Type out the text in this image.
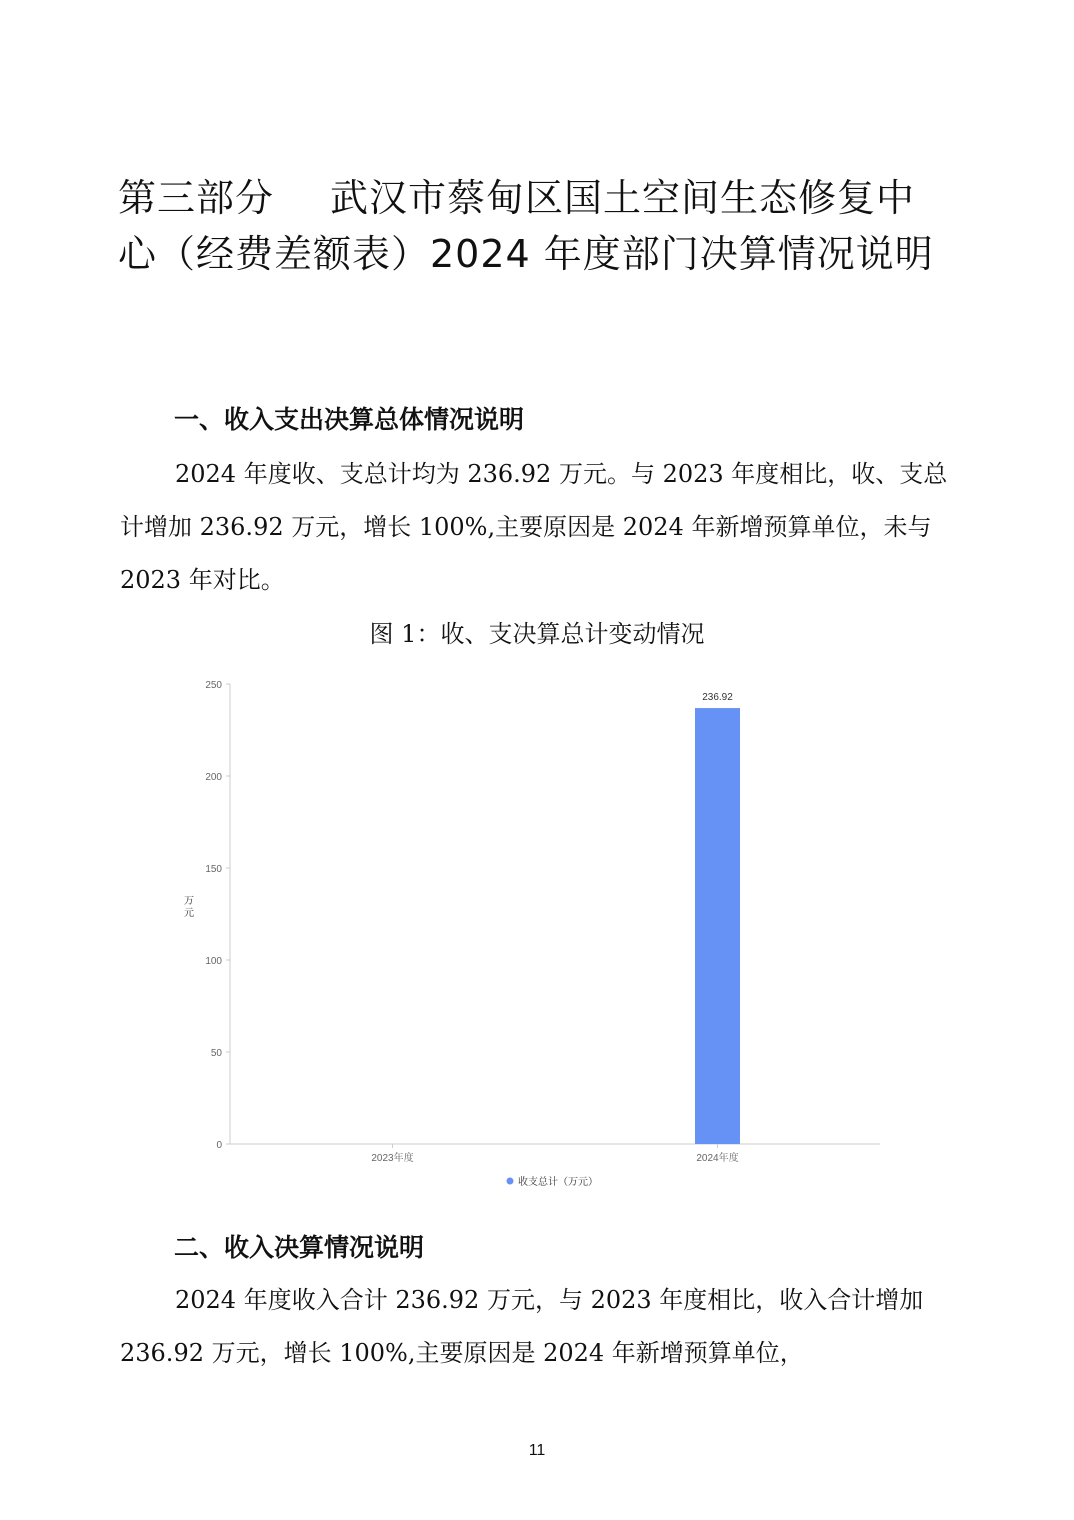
第三部分 武汉市蔡甸区国土空间生态修复中
心（经费差额表）2024 年度部门决算情况说明
一、收入支出决算总体情况说明

2024 年度收、支总计均为 236.92 万元。与 2023 年度相比，收、支总计增加 236.92 万元，增长 100%,主要原因是 2024 年新增预算单位，未与 2023 年对比。

图 1：收、支决算总计变动情况

0
50
100
150
200
250
万元
2023年度	2024年度
236.92
收支总计（万元）
二、收入决算情况说明

2024 年度收入合计 236.92 万元，与 2023 年度相比，收入合计增加 236.92 万元，增长 100%,主要原因是 2024 年新增预算单位，

11
